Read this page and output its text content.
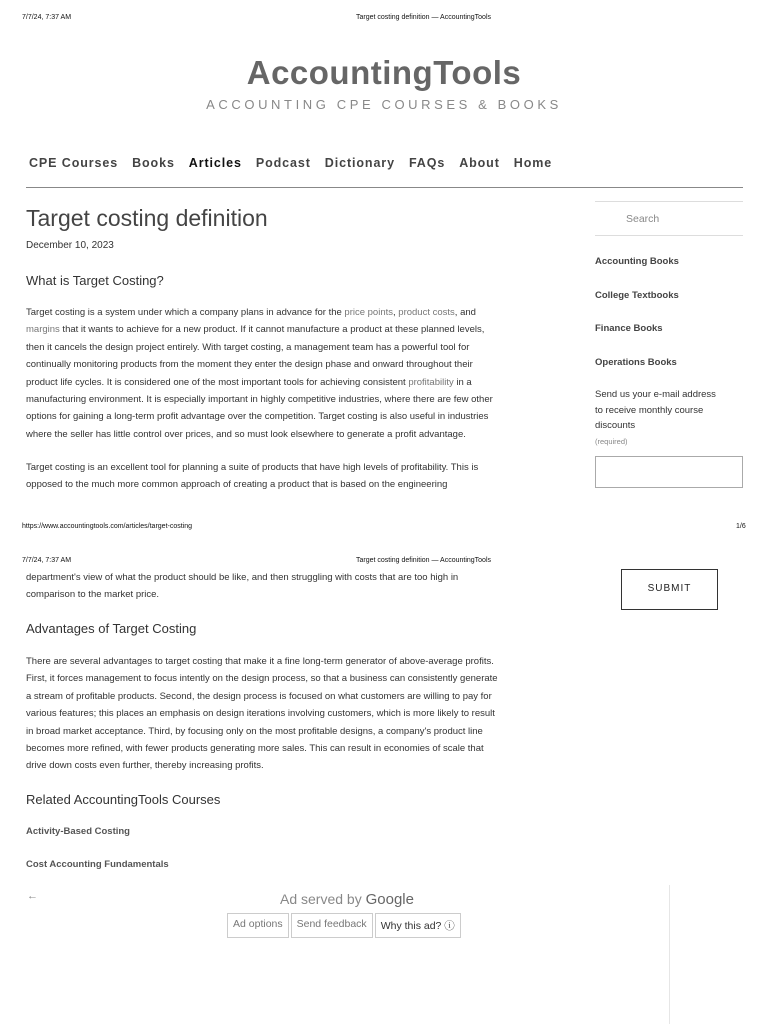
7/7/24, 7:37 AM	Target costing definition — AccountingTools
AccountingTools
ACCOUNTING CPE COURSES & BOOKS
CPE Courses Books Articles Podcast Dictionary FAQs About Home
Target costing definition
December 10, 2023
What is Target Costing?
Target costing is a system under which a company plans in advance for the price points, product costs, and
margins that it wants to achieve for a new product. If it cannot manufacture a product at these planned levels,
then it cancels the design project entirely. With target costing, a management team has a powerful tool for
continually monitoring products from the moment they enter the design phase and onward throughout their
product life cycles. It is considered one of the most important tools for achieving consistent profitability in a
manufacturing environment. It is especially important in highly competitive industries, where there are few other
options for gaining a long-term profit advantage over the competition. Target costing is also useful in industries
where the seller has little control over prices, and so must look elsewhere to generate a profit advantage.
Target costing is an excellent tool for planning a suite of products that have high levels of profitability. This is
opposed to the much more common approach of creating a product that is based on the engineering
https://www.accountingtools.com/articles/target-costing	1/6
7/7/24, 7:37 AM	Target costing definition — AccountingTools
department's view of what the product should be like, and then struggling with costs that are too high in
comparison to the market price.
Advantages of Target Costing
There are several advantages to target costing that make it a fine long-term generator of above-average profits.
First, it forces management to focus intently on the design process, so that a business can consistently generate
a stream of profitable products. Second, the design process is focused on what customers are willing to pay for
various features; this places an emphasis on design iterations involving customers, which is more likely to result
in broad market acceptance. Third, by focusing only on the most profitable designs, a company's product line
becomes more refined, with fewer products generating more sales. This can result in economies of scale that
drive down costs even further, thereby increasing profits.
Related AccountingTools Courses
Activity-Based Costing
Cost Accounting Fundamentals
Search
Accounting Books
College Textbooks
Finance Books
Operations Books
Send us your e-mail address
to receive monthly course
discounts
(required)
SUBMIT
←	Ad served by Google
Ad options	Send feedback	Why this ad? ⓘ
